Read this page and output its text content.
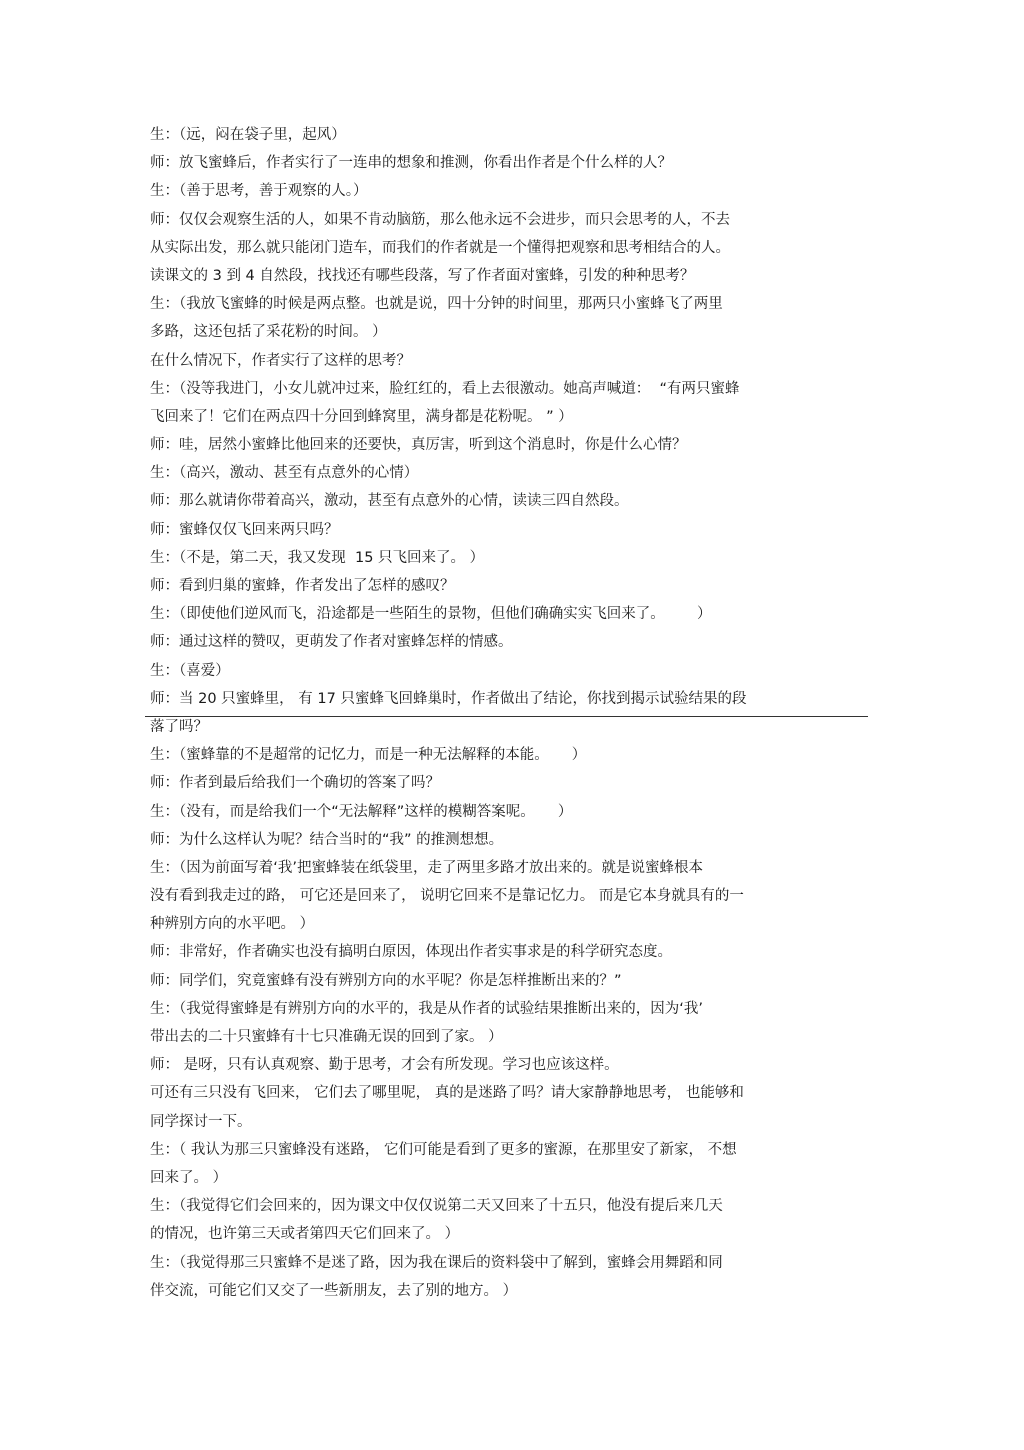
生：（远，闷在袋子里，起风）
师：放飞蜜蜂后，作者实行了一连串的想象和推测，你看出作者是个什么样的人？
生：（善于思考，善于观察的人。）
师：仅仅会观察生活的人，如果不肯动脑筋，那么他永远不会进步，而只会思考的人，不去
从实际出发，那么就只能闭门造车，而我们的作者就是一个懂得把观察和思考相结合的人。
读课文的 3 到 4 自然段，找找还有哪些段落，写了作者面对蜜蜂，引发的种种思考？
生：（我放飞蜜蜂的时候是两点整。也就是说，四十分钟的时间里，那两只小蜜蜂飞了两里
多路，这还包括了采花粉的时间。 ）
在什么情况下，作者实行了这样的思考？
生：（没等我进门，小女儿就冲过来，脸红红的，看上去很激动。她高声喊道：  “有两只蜜蜂
飞回来了！它们在两点四十分回到蜂窝里，满身都是花粉呢。 ” ）
师：哇，居然小蜜蜂比他回来的还要快，真厉害，听到这个消息时，你是什么心情？
生：（高兴，激动、甚至有点意外的心情）
师：那么就请你带着高兴，激动，甚至有点意外的心情，读读三四自然段。
师：蜜蜂仅仅飞回来两只吗？
生：（不是，第二天，我又发现  15 只飞回来了。 ）
师：看到归巢的蜜蜂，作者发出了怎样的感叹？
生：（即使他们逆风而飞，沿途都是一些陌生的景物，但他们确确实实飞回来了。       ）
师：通过这样的赞叹，更萌发了作者对蜜蜂怎样的情感。
生：（喜爱）
师：当 20 只蜜蜂里， 有 17 只蜜蜂飞回蜂巢时，作者做出了结论，你找到揭示试验结果的段
落了吗？
生：（蜜蜂靠的不是超常的记忆力，而是一种无法解释的本能。     ）
师：作者到最后给我们一个确切的答案了吗？
生：（没有，而是给我们一个“无法解释”这样的模糊答案呢。     ）
师：为什么这样认为呢？结合当时的“我” 的推测想想。
生：（因为前面写着‘我’把蜜蜂装在纸袋里，走了两里多路才放出来的。就是说蜜蜂根本
没有看到我走过的路， 可它还是回来了， 说明它回来不是靠记忆力。 而是它本身就具有的一
种辨别方向的水平吧。 ）
师：非常好，作者确实也没有搞明白原因，体现出作者实事求是的科学研究态度。
师：同学们，究竟蜜蜂有没有辨别方向的水平呢？你是怎样推断出来的？”
生：（我觉得蜜蜂是有辨别方向的水平的，我是从作者的试验结果推断出来的，因为‘我’
带出去的二十只蜜蜂有十七只准确无误的回到了家。 ）
师： 是呀，只有认真观察、勤于思考，才会有所发现。学习也应该这样。
可还有三只没有飞回来， 它们去了哪里呢， 真的是迷路了吗？请大家静静地思考， 也能够和
同学探讨一下。
生：（ 我认为那三只蜜蜂没有迷路， 它们可能是看到了更多的蜜源，在那里安了新家， 不想
回来了。 ）
生：（我觉得它们会回来的，因为课文中仅仅说第二天又回来了十五只，他没有提后来几天
的情况，也许第三天或者第四天它们回来了。 ）
生：（我觉得那三只蜜蜂不是迷了路，因为我在课后的资料袋中了解到，蜜蜂会用舞蹈和同
伴交流，可能它们又交了一些新朋友，去了别的地方。 ）
